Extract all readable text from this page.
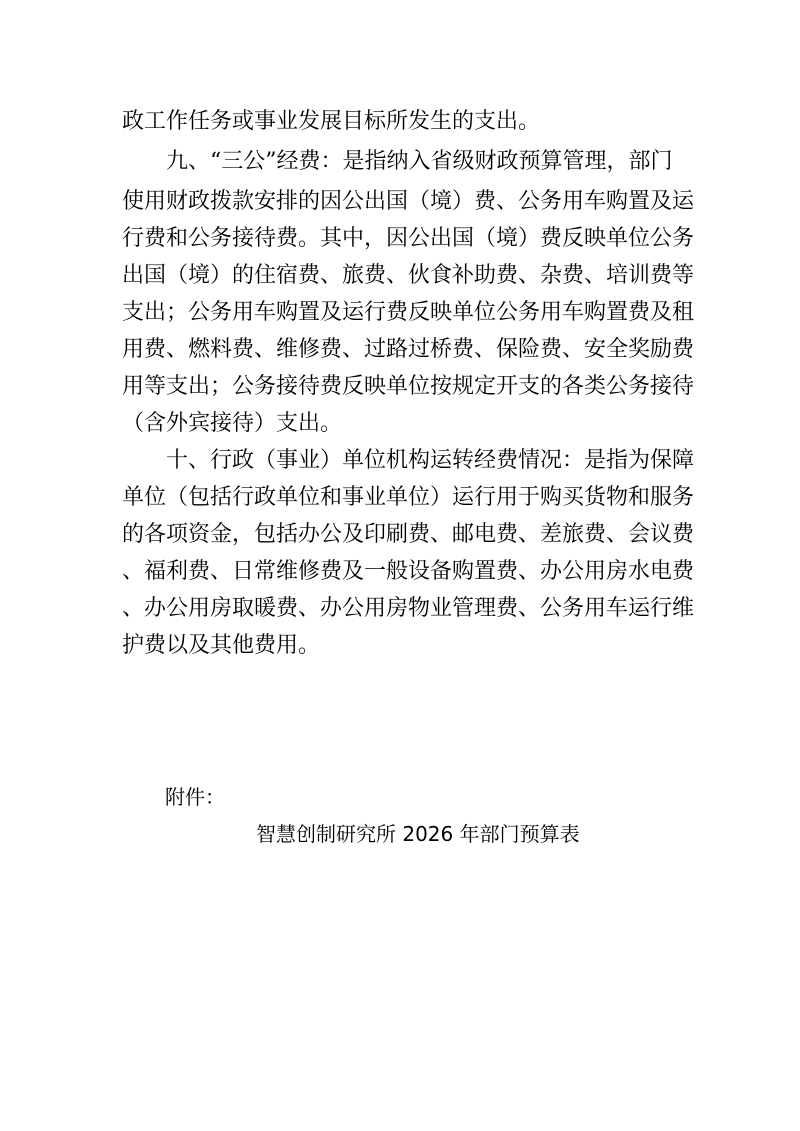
政工作任务或事业发展目标所发生的支出。

九、“三公”经费：是指纳入省级财政预算管理，部门

使用财政拨款安排的因公出国（境）费、公务用车购置及运

行费和公务接待费。其中，因公出国（境）费反映单位公务

出国（境）的住宿费、旅费、伙食补助费、杂费、培训费等

支出；公务用车购置及运行费反映单位公务用车购置费及租

用费、燃料费、维修费、过路过桥费、保险费、安全奖励费

用等支出；公务接待费反映单位按规定开支的各类公务接待

（含外宾接待）支出。

十、行政（事业）单位机构运转经费情况：是指为保障

单位（包括行政单位和事业单位）运行用于购买货物和服务

的各项资金，包括办公及印刷费、邮电费、差旅费、会议费

、福利费、日常维修费及一般设备购置费、办公用房水电费

、办公用房取暖费、办公用房物业管理费、公务用车运行维

护费以及其他费用。

附件：
智慧创制研究所 2026 年部门预算表
